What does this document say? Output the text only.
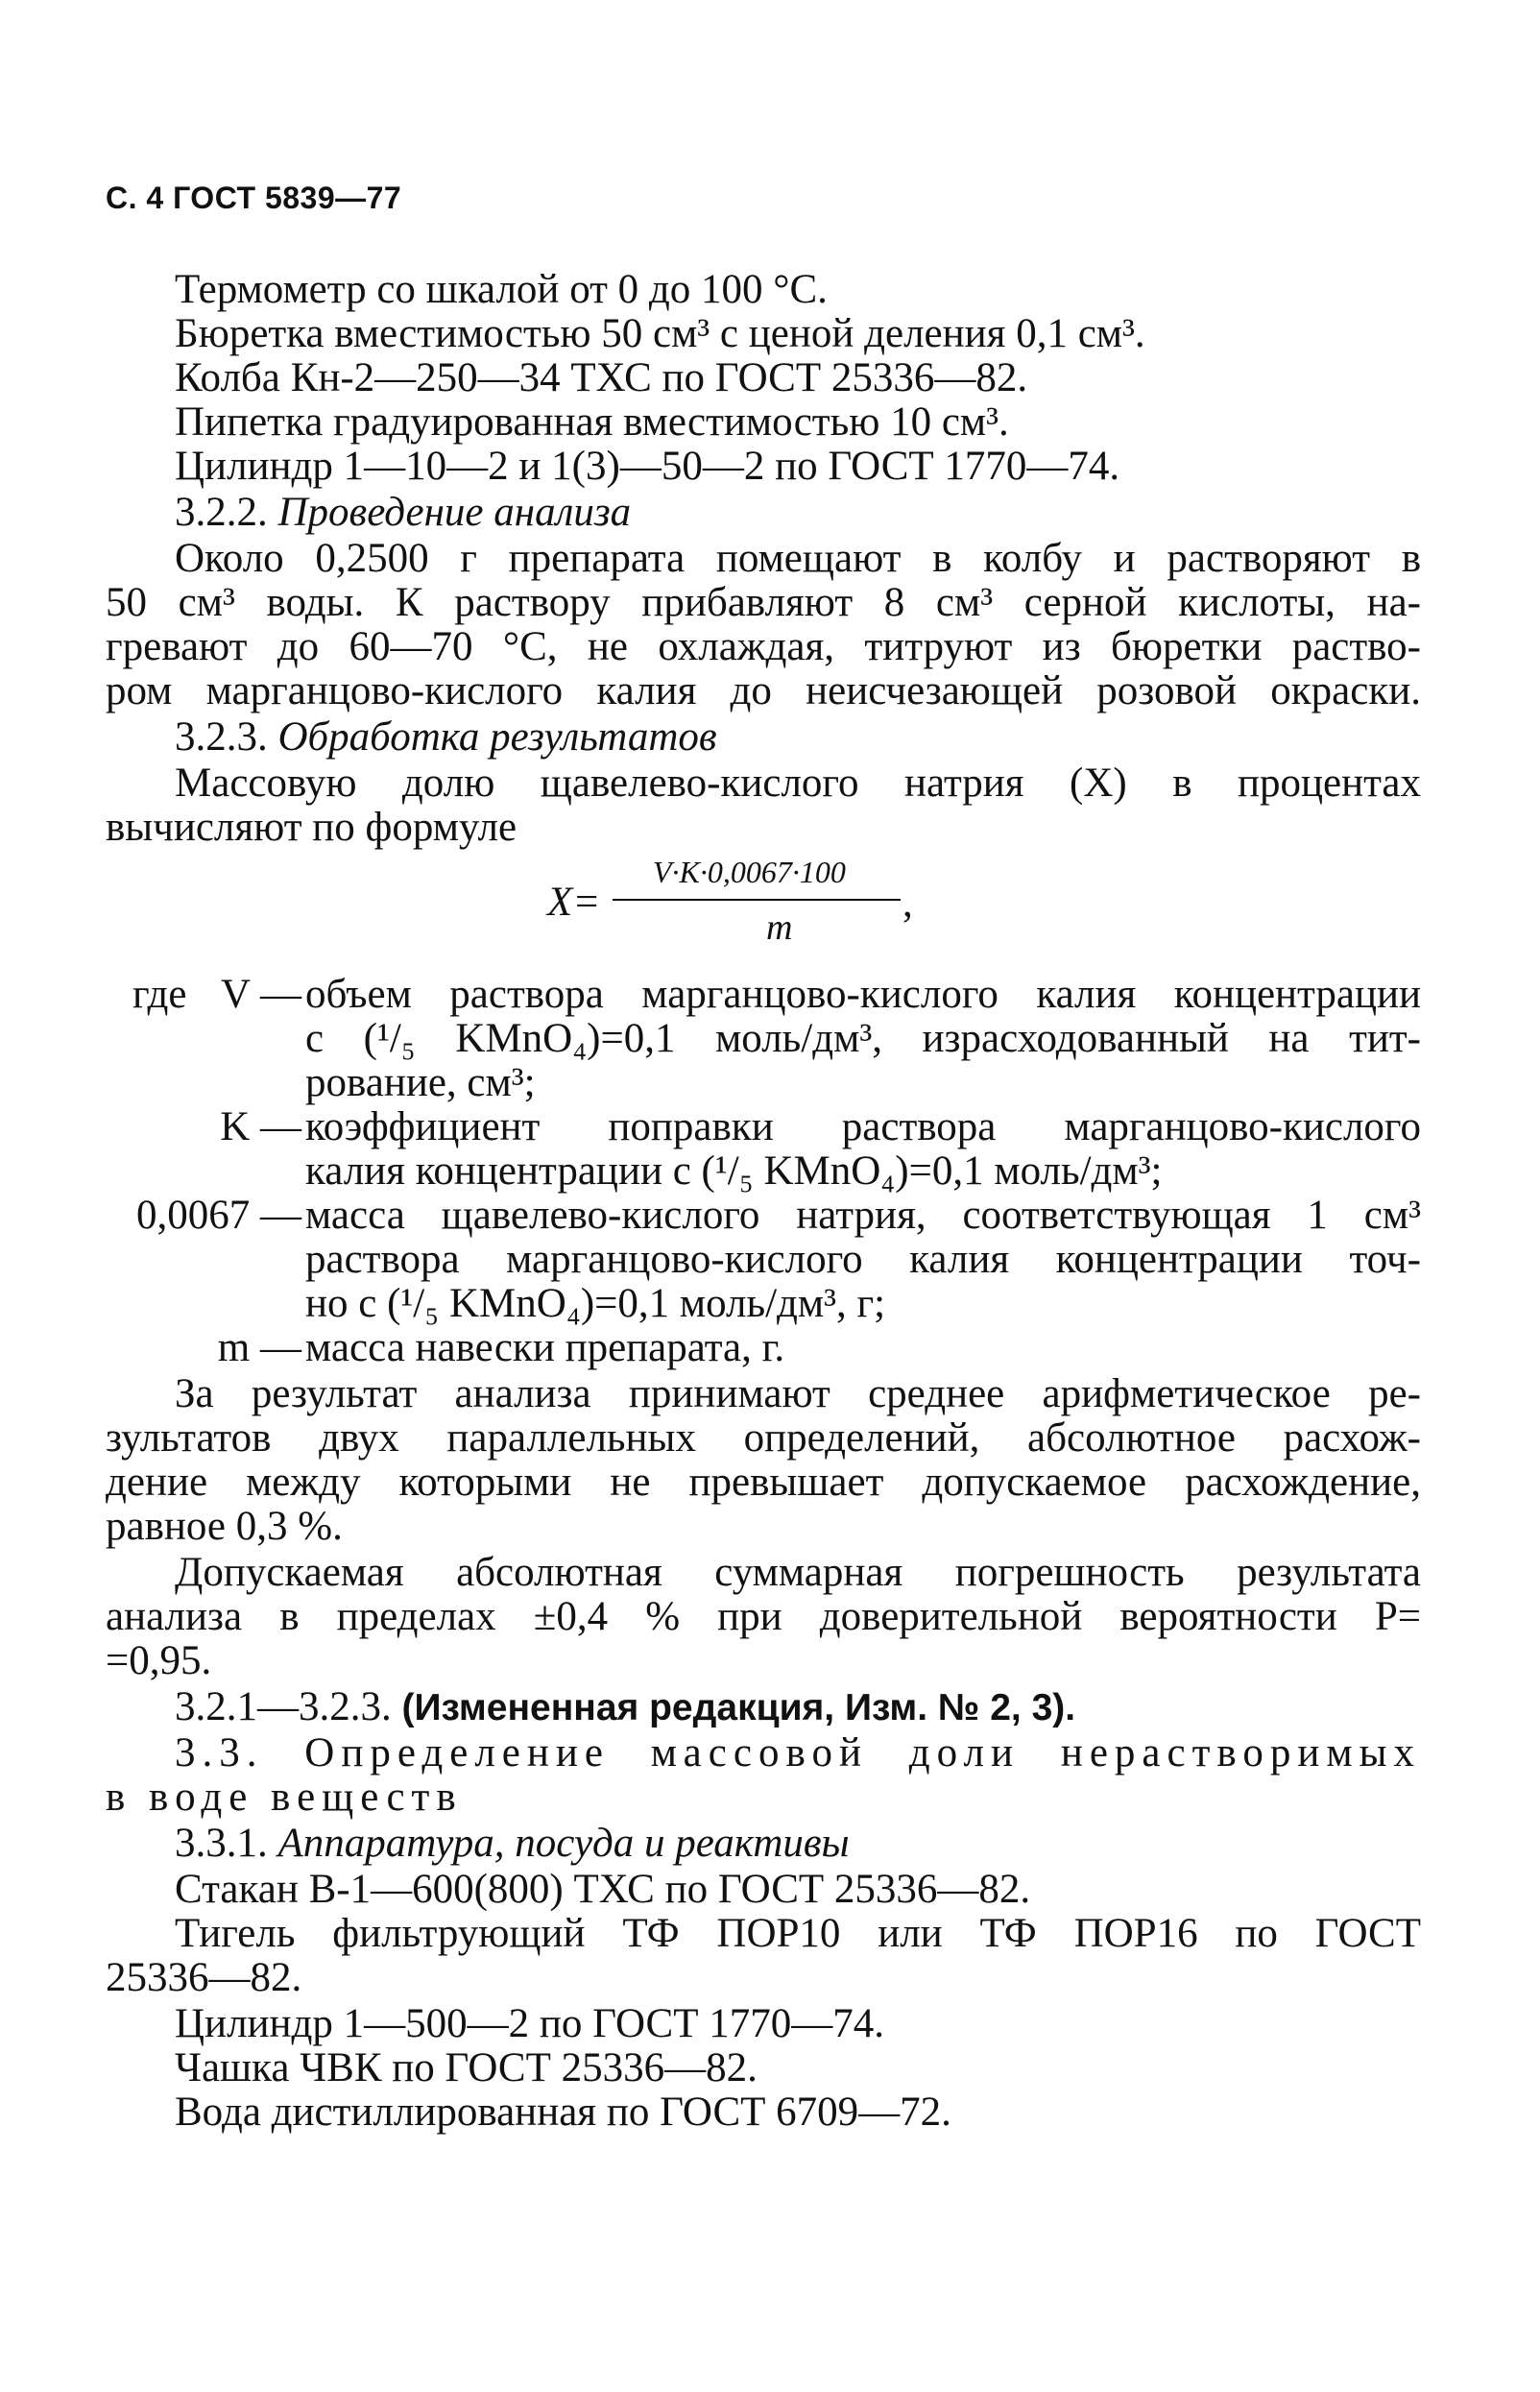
С. 4 ГОСТ 5839—77
Термометр со шкалой от 0 до 100 °С.
Бюретка вместимостью 50 см³ с ценой деления 0,1 см³.
Колба Кн-2—250—34 ТХС по ГОСТ 25336—82.
Пипетка градуированная вместимостью 10 см³.
Цилиндр 1—10—2 и 1(3)—50—2 по ГОСТ 1770—74.
3.2.2. Проведение анализа
Около 0,2500 г препарата помещают в колбу и растворяют в
50 см³ воды. К раствору прибавляют 8 см³ серной кислоты, на-
гревают до 60—70 °С, не охлаждая, титруют из бюретки раство-
ром марганцово-кислого калия до неисчезающей розовой окраски.
3.2.3. Обработка результатов
Массовую долю щавелево-кислого натрия (X) в процентах
вычисляют по формуле
X=
V·K·0,0067·100
m
,
где V — объем раствора марганцово-кислого калия концентрации
c (¹/₅ KMnO₄)=0,1 моль/дм³, израсходованный на тит-
рование, см³;
K — коэффициент поправки раствора марганцово-кислого
калия концентрации c (¹/₅ KMnO₄)=0,1 моль/дм³;
0,0067 — масса щавелево-кислого натрия, соответствующая 1 см³
раствора марганцово-кислого калия концентрации точ-
но c (¹/₅ KMnO₄)=0,1 моль/дм³, г;
m — масса навески препарата, г.
За результат анализа принимают среднее арифметическое ре-
зультатов двух параллельных определений, абсолютное расхож-
дение между которыми не превышает допускаемое расхождение,
равное 0,3 %.
Допускаемая абсолютная суммарная погрешность результата
анализа в пределах ±0,4 % при доверительной вероятности P=
=0,95.
3.2.1—3.2.3. (Измененная редакция, Изм. № 2, 3).
3.3. Определение массовой доли нерастворимых
в воде веществ
3.3.1. Аппаратура, посуда и реактивы
Стакан В-1—600(800) ТХС по ГОСТ 25336—82.
Тигель фильтрующий ТФ ПОР10 или ТФ ПОР16 по ГОСТ
25336—82.
Цилиндр 1—500—2 по ГОСТ 1770—74.
Чашка ЧВК по ГОСТ 25336—82.
Вода дистиллированная по ГОСТ 6709—72.
